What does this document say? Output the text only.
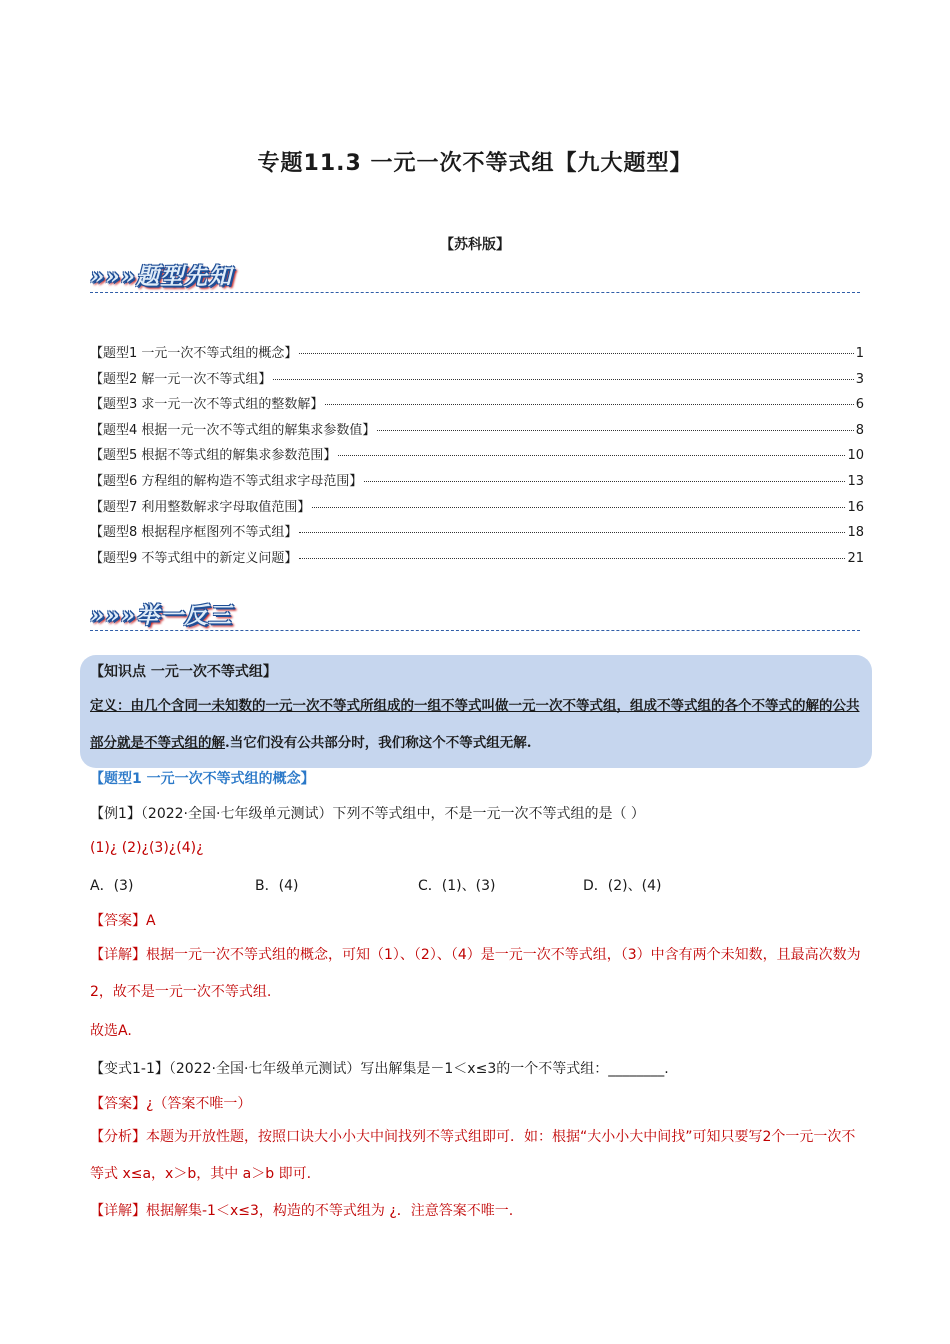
专题11.3 一元一次不等式组【九大题型】
【苏科版】
»»»题型先知
【题型1 一元一次不等式组的概念】	1
【题型2 解一元一次不等式组】	3
【题型3 求一元一次不等式组的整数解】	6
【题型4 根据一元一次不等式组的解集求参数值】	8
【题型5 根据不等式组的解集求参数范围】	10
【题型6 方程组的解构造不等式组求字母范围】	13
【题型7 利用整数解求字母取值范围】	16
【题型8 根据程序框图列不等式组】	18
【题型9 不等式组中的新定义问题】	21
»»»举一反三
【知识点 一元一次不等式组】
定义：由几个含同一未知数的一元一次不等式所组成的一组不等式叫做一元一次不等式组，组成不等式组的各个不等式的解的公共部分就是不等式组的解.当它们没有公共部分时，我们称这个不等式组无解.
【题型1 一元一次不等式组的概念】
【例1】（2022·全国·七年级单元测试）下列不等式组中，不是一元一次不等式组的是（ ）
(1)¿ (2)¿(3)¿(4)¿
A．(3)	B．(4)	C．(1)、(3)	D．(2)、(4)
【答案】A
【详解】根据一元一次不等式组的概念，可知（1）、（2）、（4）是一元一次不等式组，（3）中含有两个未知数，且最高次数为2，故不是一元一次不等式组.
故选A.
【变式1-1】（2022·全国·七年级单元测试）写出解集是－1＜x≤3的一个不等式组：________.
【答案】¿（答案不唯一）
【分析】本题为开放性题，按照口诀大小小大中间找列不等式组即可．如：根据“大小小大中间找”可知只要写2个一元一次不等式 x≤a，x＞b，其中 a＞b 即可.
【详解】根据解集-1＜x≤3，构造的不等式组为 ¿．注意答案不唯一.
